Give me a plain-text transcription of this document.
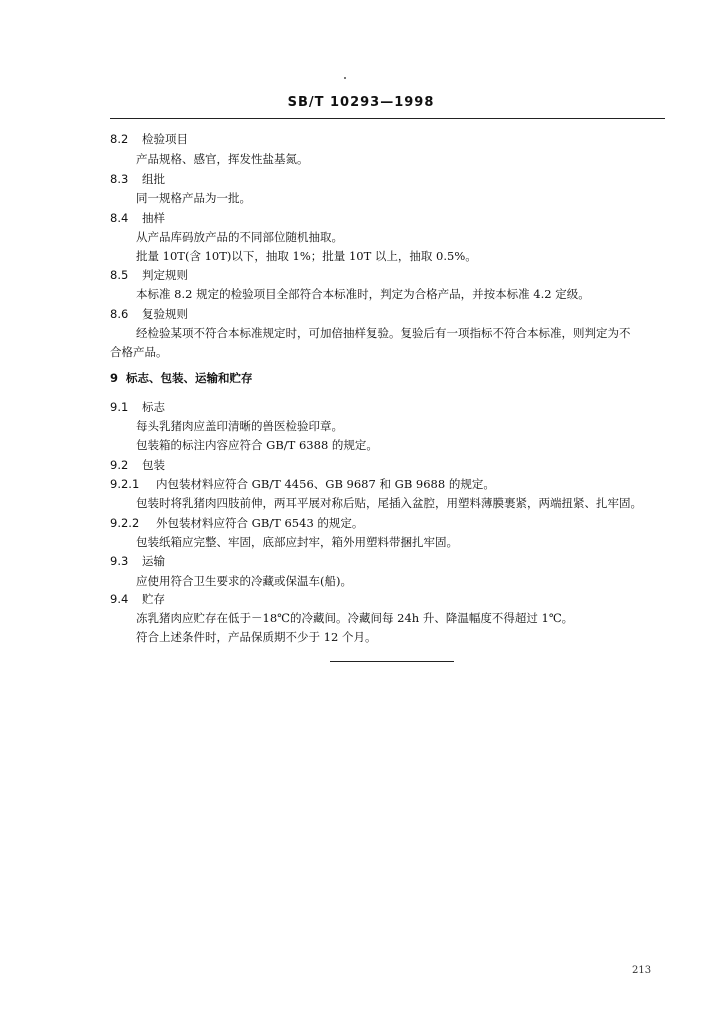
SB/T 10293—1998
8.2 检验项目
产品规格、感官，挥发性盐基氮。
8.3 组批
同一规格产品为一批。
8.4 抽样
从产品库码放产品的不同部位随机抽取。
批量 10T(含 10T)以下，抽取 1%；批量 10T 以上，抽取 0.5%。
8.5 判定规则
本标准 8.2 规定的检验项目全部符合本标准时，判定为合格产品，并按本标准 4.2 定级。
8.6 复验规则
经检验某项不符合本标准规定时，可加倍抽样复验。复验后有一项指标不符合本标准，则判定为不
合格产品。
9 标志、包装、运输和贮存
9.1 标志
每头乳猪肉应盖印清晰的兽医检验印章。
包装箱的标注内容应符合 GB/T 6388 的规定。
9.2 包装
9.2.1 内包装材料应符合 GB/T 4456、GB 9687 和 GB 9688 的规定。
包装时将乳猪肉四肢前伸，两耳平展对称后贴，尾插入盆腔，用塑料薄膜裹紧，两端扭紧、扎牢固。
9.2.2 外包装材料应符合 GB/T 6543 的规定。
包装纸箱应完整、牢固，底部应封牢，箱外用塑料带捆扎牢固。
9.3 运输
应使用符合卫生要求的冷藏或保温车(船)。
9.4 贮存
冻乳猪肉应贮存在低于－18℃的冷藏间。冷藏间每 24h 升、降温幅度不得超过 1℃。
符合上述条件时，产品保质期不少于 12 个月。
213
